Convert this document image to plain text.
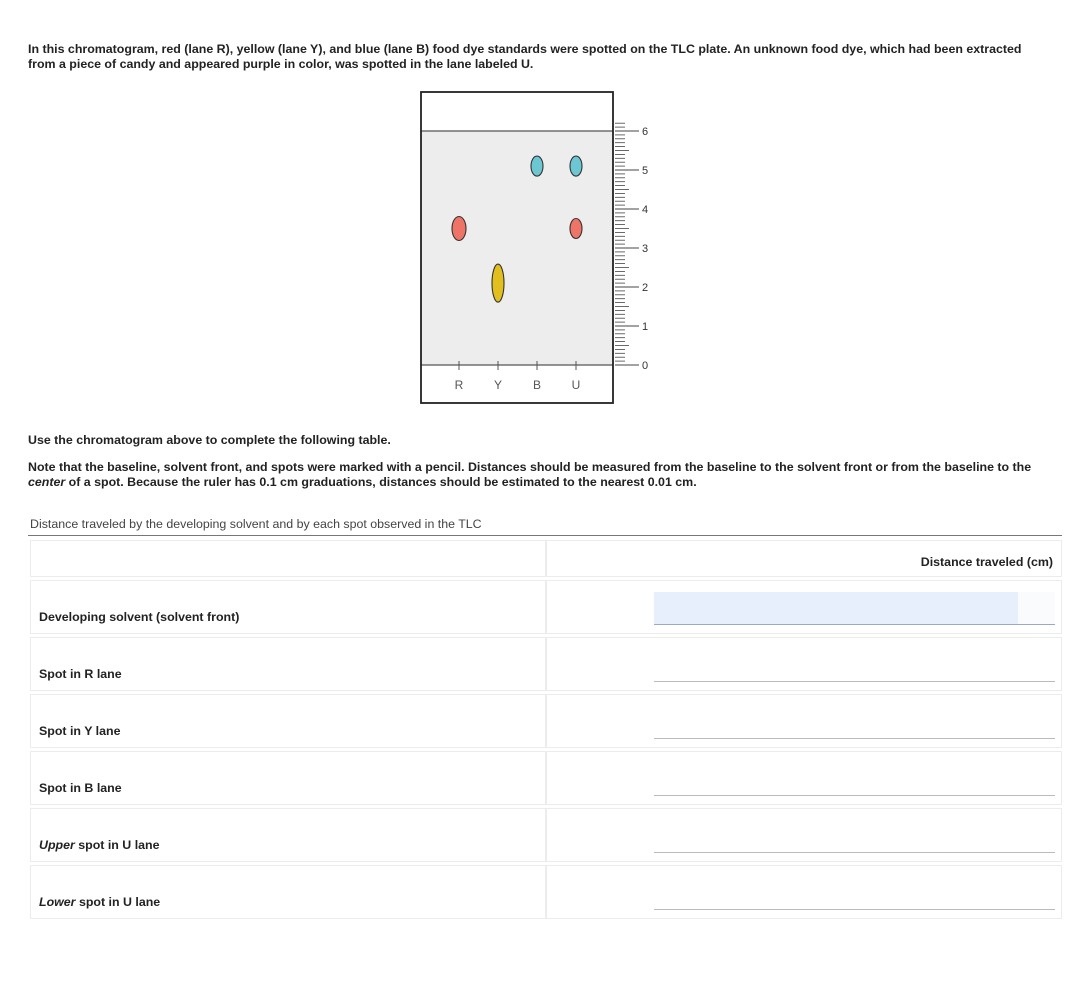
In this chromatogram, red (lane R), yellow (lane Y), and blue (lane B) food dye standards were spotted on the TLC plate. An unknown food dye, which had been extracted from a piece of candy and appeared purple in color, was spotted in the lane labeled U.
R	Y	B	U
6
5
4
3
2
1
0
Use the chromatogram above to complete the following table.
Note that the baseline, solvent front, and spots were marked with a pencil. Distances should be measured from the baseline to the solvent front or from the baseline to the center of a spot. Because the ruler has 0.1 cm graduations, distances should be estimated to the nearest 0.01 cm.
Distance traveled by the developing solvent and by each spot observed in the TLC
	Distance traveled (cm)
Developing solvent (solvent front)	

Spot in R lane	

Spot in Y lane	

Spot in B lane	

Upper spot in U lane	

Lower spot in U lane	
